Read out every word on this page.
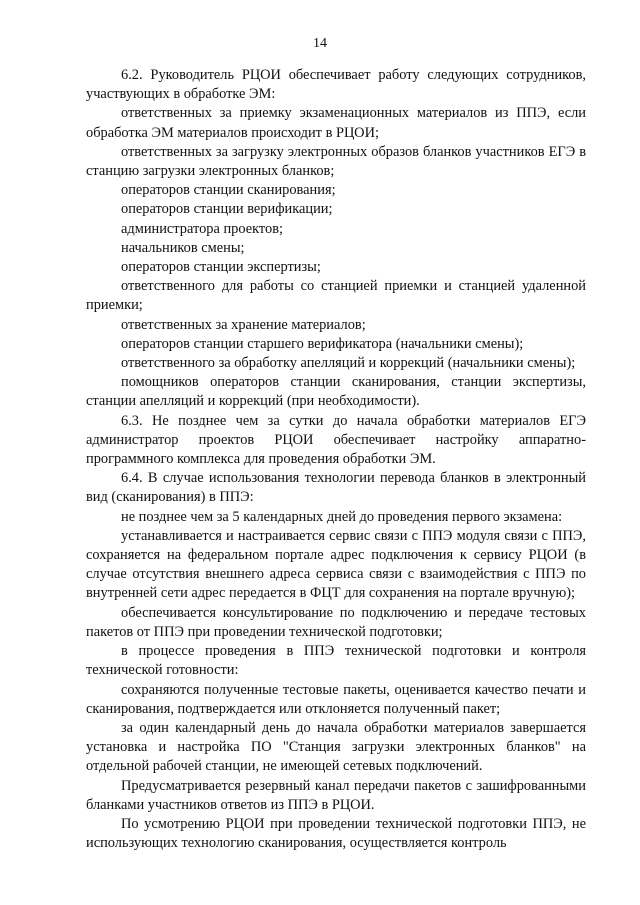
14

6.2. Руководитель РЦОИ обеспечивает работу следующих сотрудников, участвующих в обработке ЭМ:

ответственных за приемку экзаменационных материалов из ППЭ, если обработка ЭМ материалов происходит в РЦОИ;

ответственных за загрузку электронных образов бланков участников ЕГЭ в станцию загрузки электронных бланков;

операторов станции сканирования;

операторов станции верификации;

администратора проектов;

начальников смены;

операторов станции экспертизы;

ответственного для работы со станцией приемки и станцией удаленной приемки;

ответственных за хранение материалов;

операторов станции старшего верификатора (начальники смены);

ответственного за обработку апелляций и коррекций (начальники смены);

помощников операторов станции сканирования, станции экспертизы, станции апелляций и коррекций (при необходимости).

6.3. Не позднее чем за сутки до начала обработки материалов ЕГЭ администратор проектов РЦОИ обеспечивает настройку аппаратно-программного комплекса для проведения обработки ЭМ.

6.4. В случае использования технологии перевода бланков в электронный вид (сканирования) в ППЭ:

не позднее чем за 5 календарных дней до проведения первого экзамена:

устанавливается и настраивается сервис связи с ППЭ модуля связи с ППЭ, сохраняется на федеральном портале адрес подключения к сервису РЦОИ (в случае отсутствия внешнего адреса сервиса связи с взаимодействия с ППЭ по внутренней сети адрес передается в ФЦТ для сохранения на портале вручную);

обеспечивается консультирование по подключению и передаче тестовых пакетов от ППЭ при проведении технической подготовки;

в процессе проведения в ППЭ технической подготовки и контроля технической готовности:

сохраняются полученные тестовые пакеты, оценивается качество печати и сканирования, подтверждается или отклоняется полученный пакет;

за один календарный день до начала обработки материалов завершается установка и настройка ПО "Станция загрузки электронных бланков" на отдельной рабочей станции, не имеющей сетевых подключений.

Предусматривается резервный канал передачи пакетов с зашифрованными бланками участников ответов из ППЭ в РЦОИ.

По усмотрению РЦОИ при проведении технической подготовки ППЭ, не использующих технологию сканирования, осуществляется контроль
